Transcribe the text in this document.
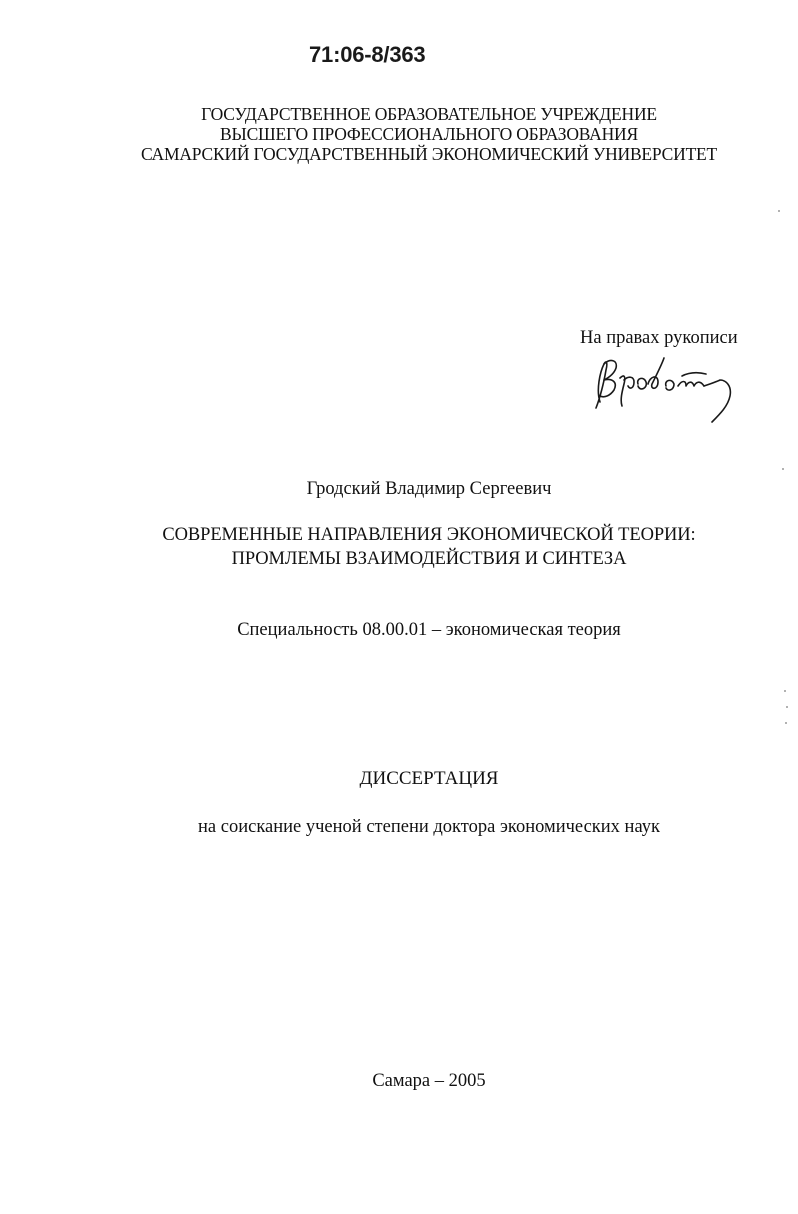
71:06-8/363
ГОСУДАРСТВЕННОЕ ОБРАЗОВАТЕЛЬНОЕ УЧРЕЖДЕНИЕ
ВЫСШЕГО ПРОФЕССИОНАЛЬНОГО ОБРАЗОВАНИЯ
САМАРСКИЙ ГОСУДАРСТВЕННЫЙ ЭКОНОМИЧЕСКИЙ УНИВЕРСИТЕТ
На правах рукописи
Гродский Владимир Сергеевич
СОВРЕМЕННЫЕ НАПРАВЛЕНИЯ ЭКОНОМИЧЕСКОЙ ТЕОРИИ:
ПРОМЛЕМЫ ВЗАИМОДЕЙСТВИЯ И СИНТЕЗА
Специальность 08.00.01 – экономическая теория
ДИССЕРТАЦИЯ
на соискание ученой степени доктора экономических наук
Самара – 2005
